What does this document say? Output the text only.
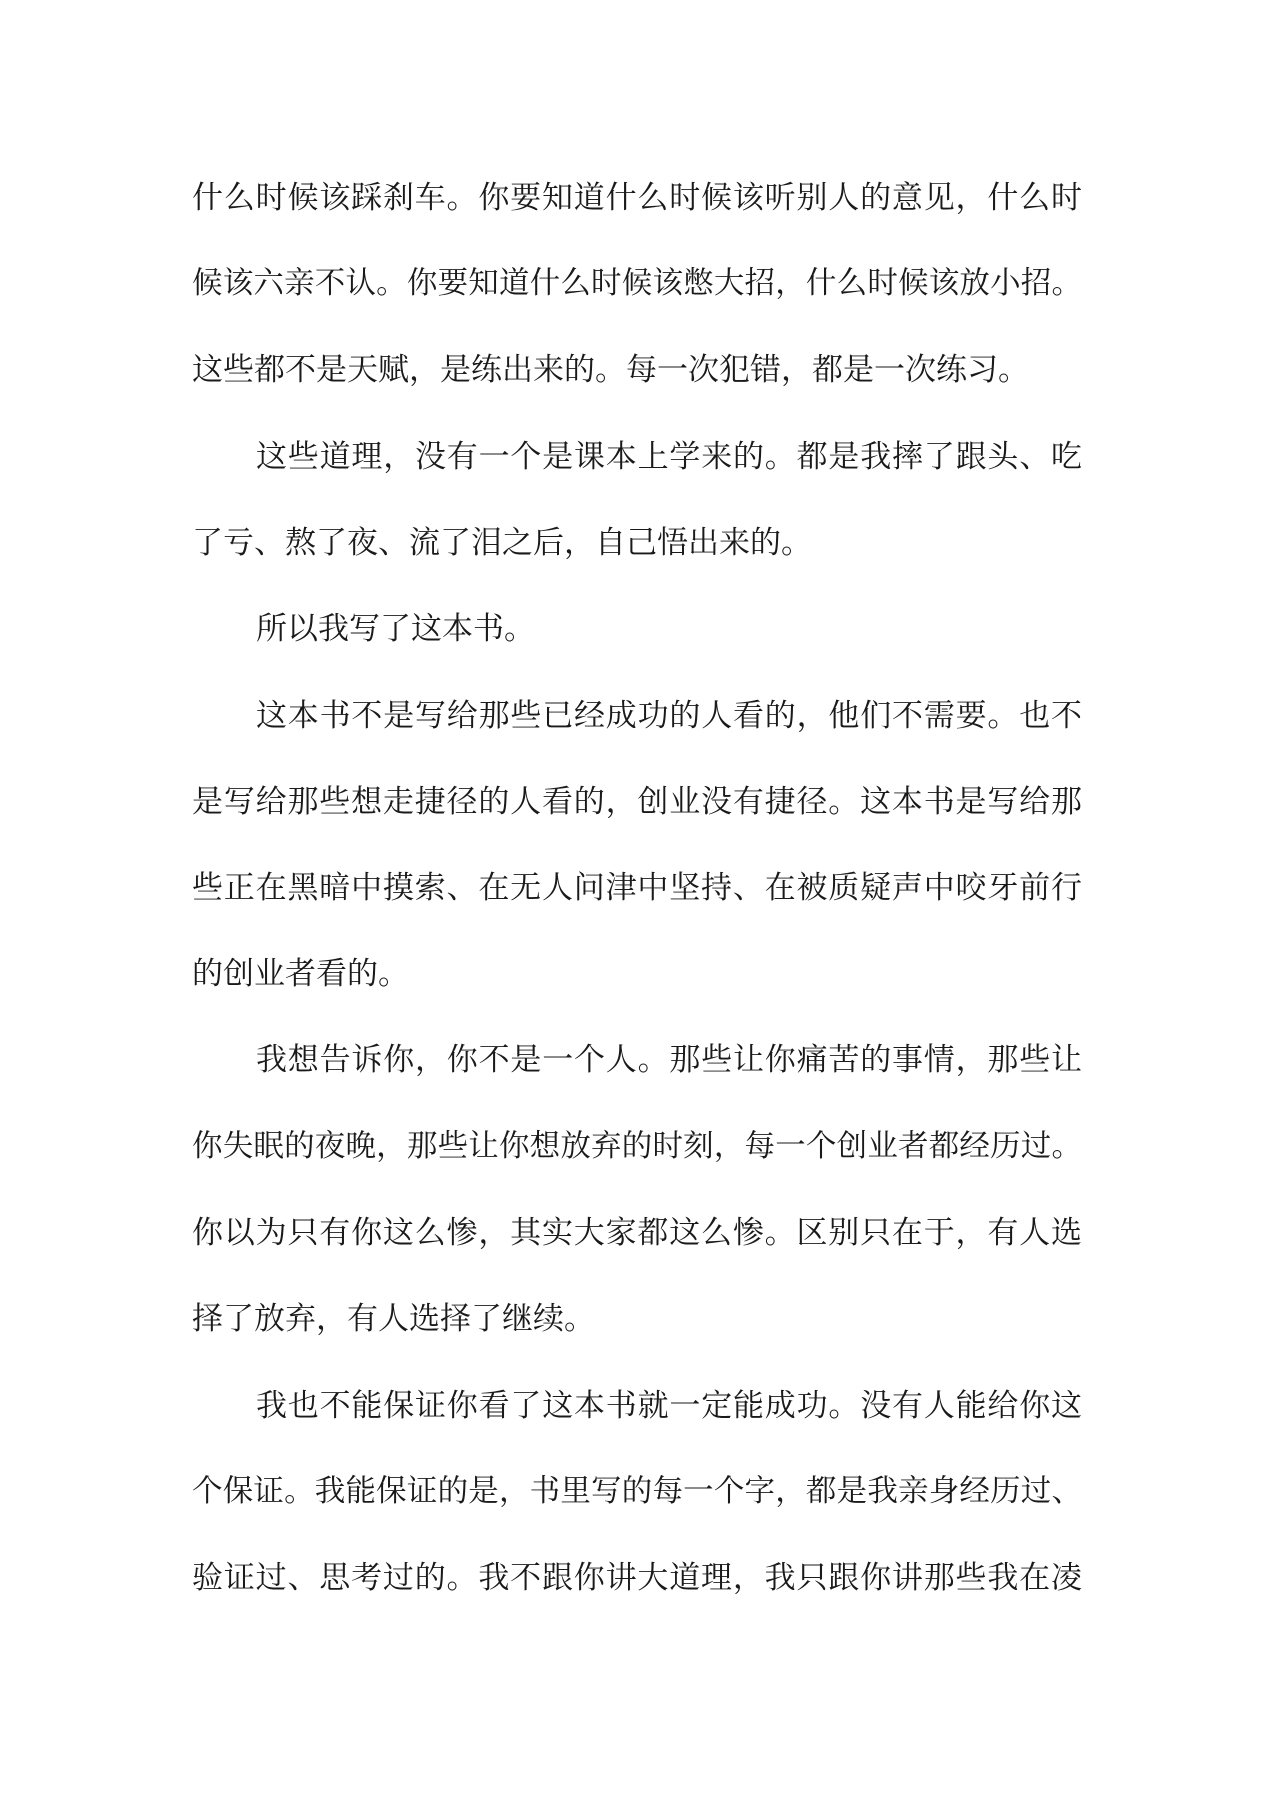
什么时候该踩刹车。你要知道什么时候该听别人的意见，什么时
候该六亲不认。你要知道什么时候该憋大招，什么时候该放小招。
这些都不是天赋，是练出来的。每一次犯错，都是一次练习。
这些道理，没有一个是课本上学来的。都是我摔了跟头、吃
了亏、熬了夜、流了泪之后，自己悟出来的。
所以我写了这本书。
这本书不是写给那些已经成功的人看的，他们不需要。也不
是写给那些想走捷径的人看的，创业没有捷径。这本书是写给那
些正在黑暗中摸索、在无人问津中坚持、在被质疑声中咬牙前行
的创业者看的。
我想告诉你，你不是一个人。那些让你痛苦的事情，那些让
你失眠的夜晚，那些让你想放弃的时刻，每一个创业者都经历过。
你以为只有你这么惨，其实大家都这么惨。区别只在于，有人选
择了放弃，有人选择了继续。
我也不能保证你看了这本书就一定能成功。没有人能给你这
个保证。我能保证的是，书里写的每一个字，都是我亲身经历过、
验证过、思考过的。我不跟你讲大道理，我只跟你讲那些我在凌
